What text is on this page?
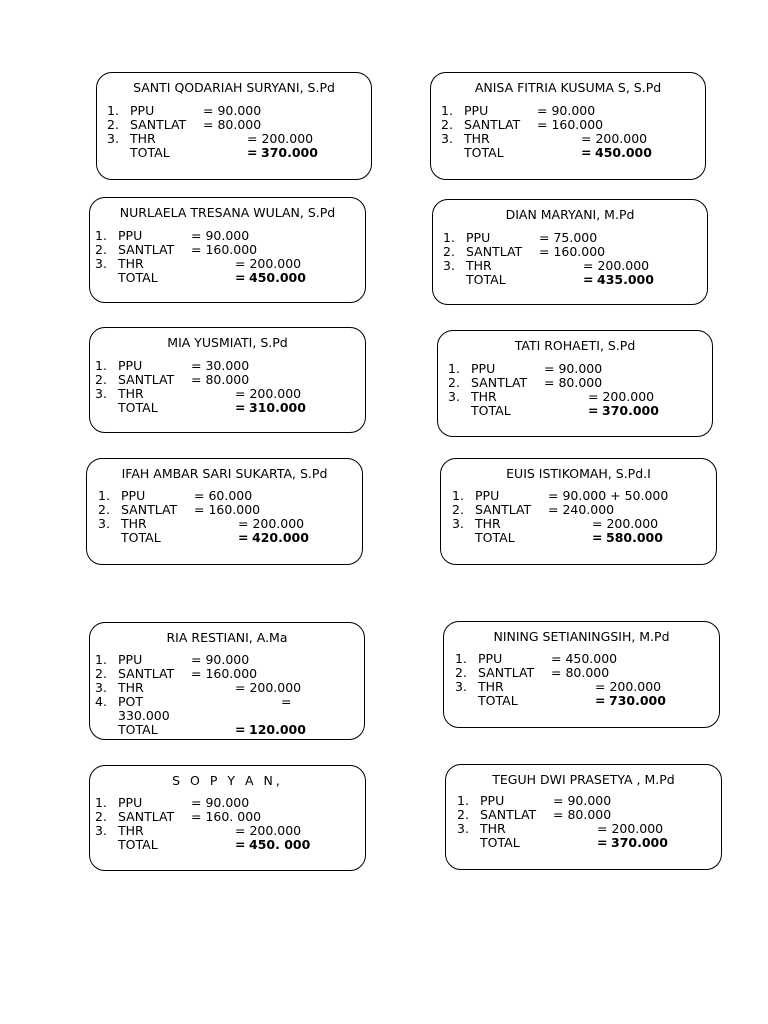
SANTI QODARIAH SURYANI, S.Pd
1. PPU	= 90.000
2. SANTLAT = 80.000
3. THR	= 200.000
TOTAL	= 370.000
ANISA FITRIA KUSUMA S, S.Pd
1. PPU	= 90.000
2. SANTLAT = 160.000
3. THR	= 200.000
TOTAL	= 450.000
NURLAELA TRESANA WULAN, S.Pd
1. PPU	= 90.000
2. SANTLAT = 160.000
3. THR	= 200.000
TOTAL	= 450.000
DIAN MARYANI, M.Pd
1. PPU	= 75.000
2. SANTLAT = 160.000
3. THR	= 200.000
TOTAL	= 435.000
MIA YUSMIATI, S.Pd
1. PPU	= 30.000
2. SANTLAT = 80.000
3. THR	= 200.000
TOTAL	= 310.000
TATI ROHAETI, S.Pd
1. PPU	= 90.000
2. SANTLAT = 80.000
3. THR	= 200.000
TOTAL	= 370.000
IFAH AMBAR SARI SUKARTA, S.Pd
1. PPU	= 60.000
2. SANTLAT = 160.000
3. THR	= 200.000
TOTAL	= 420.000
EUIS ISTIKOMAH, S.Pd.I
1. PPU	= 90.000 + 50.000
2. SANTLAT = 240.000
3. THR	= 200.000
TOTAL	= 580.000
RIA RESTIANI, A.Ma
1. PPU	= 90.000
2. SANTLAT = 160.000
3. THR	= 200.000
4. POT	=
330.000
TOTAL	= 120.000
NINING SETIANINGSIH, M.Pd
1. PPU	= 450.000
2. SANTLAT = 80.000
3. THR	= 200.000
TOTAL	= 730.000
S O P Y A N,
1. PPU	= 90.000
2. SANTLAT = 160. 000
3. THR	= 200.000
TOTAL	= 450. 000
TEGUH DWI PRASETYA , M.Pd
1. PPU	= 90.000
2. SANTLAT = 80.000
3. THR	= 200.000
TOTAL	= 370.000
